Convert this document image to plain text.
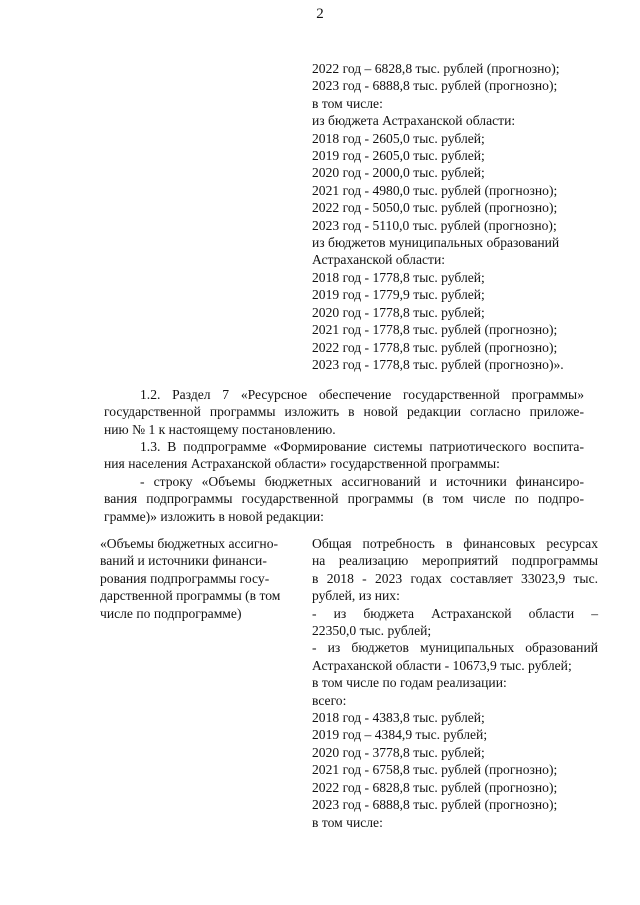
2
2022 год – 6828,8 тыс. рублей (прогнозно);
2023 год - 6888,8 тыс. рублей (прогнозно);
в том числе:
из бюджета Астраханской области:
2018 год - 2605,0 тыс. рублей;
2019 год - 2605,0 тыс. рублей;
2020 год - 2000,0 тыс. рублей;
2021 год - 4980,0 тыс. рублей (прогнозно);
2022 год - 5050,0 тыс. рублей (прогнозно);
2023 год - 5110,0 тыс. рублей (прогнозно);
из бюджетов муниципальных образований
Астраханской области:
2018 год - 1778,8 тыс. рублей;
2019 год - 1779,9 тыс. рублей;
2020 год - 1778,8 тыс. рублей;
2021 год - 1778,8 тыс. рублей (прогнозно);
2022 год - 1778,8 тыс. рублей (прогнозно);
2023 год - 1778,8 тыс. рублей (прогнозно)».
1.2. Раздел 7 «Ресурсное обеспечение государственной программы»
государственной программы изложить в новой редакции согласно приложе-
нию № 1 к настоящему постановлению.
1.3. В подпрограмме «Формирование системы патриотического воспита-
ния населения Астраханской области» государственной программы:
- строку «Объемы бюджетных ассигнований и источники финансиро-
вания подпрограммы государственной программы (в том числе по подпро-
грамме)» изложить в новой редакции:
«Объемы бюджетных ассигно-
ваний и источники финанси-
рования подпрограммы госу-
дарственной программы (в том
числе по подпрограмме)
Общая потребность в финансовых ресурсах
на реализацию мероприятий подпрограммы
в 2018 - 2023 годах составляет 33023,9 тыс.
рублей, из них:
- из бюджета Астраханской области –
22350,0 тыс. рублей;
- из бюджетов муниципальных образований
Астраханской области - 10673,9 тыс. рублей;
в том числе по годам реализации:
всего:
2018 год - 4383,8 тыс. рублей;
2019 год – 4384,9 тыс. рублей;
2020 год - 3778,8 тыс. рублей;
2021 год - 6758,8 тыс. рублей (прогнозно);
2022 год - 6828,8 тыс. рублей (прогнозно);
2023 год - 6888,8 тыс. рублей (прогнозно);
в том числе:
